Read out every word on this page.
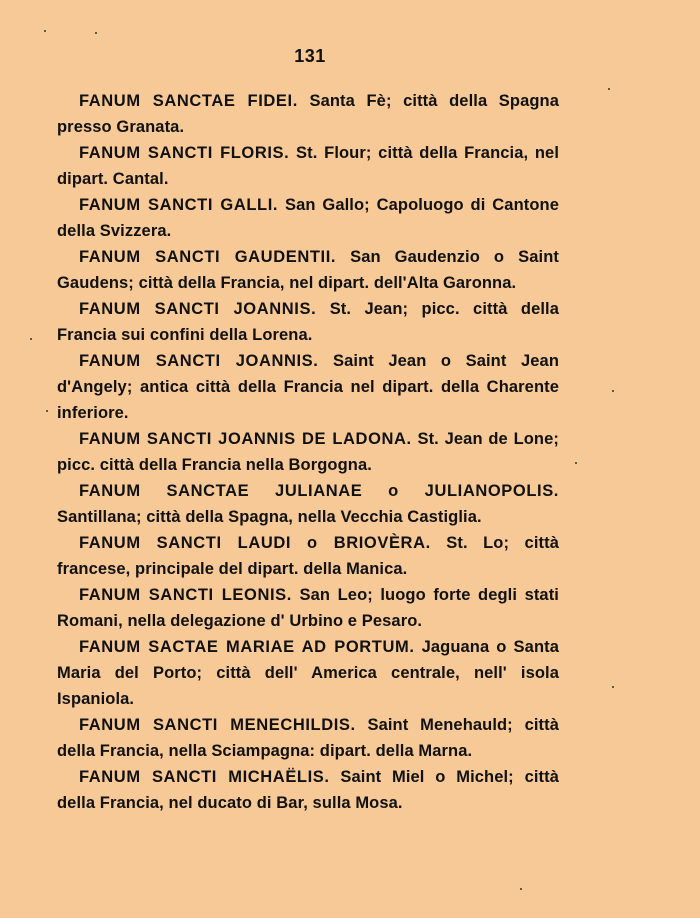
131

FANUM SANCTAE FIDEI. Santa Fè; città della Spagna presso Granata.

FANUM SANCTI FLORIS. St. Flour; città della Francia, nel dipart. Cantal.

FANUM SANCTI GALLI. San Gallo; Capoluogo di Cantone della Svizzera.

FANUM SANCTI GAUDENTII. San Gaudenzio o Saint Gaudens; città della Francia, nel dipart. dell'Alta Garonna.

FANUM SANCTI JOANNIS. St. Jean; picc. città della Francia sui confini della Lorena.

FANUM SANCTI JOANNIS. Saint Jean o Saint Jean d'Angely; antica città della Francia nel dipart. della Charente inferiore.

FANUM SANCTI JOANNIS DE LADONA. St. Jean de Lone; picc. città della Francia nella Borgogna.

FANUM SANCTAE JULIANAE o JULIANOPOLIS. Santillana; città della Spagna, nella Vecchia Castiglia.

FANUM SANCTI LAUDI o BRIOVÈRA. St. Lo; città francese, principale del dipart. della Manica.

FANUM SANCTI LEONIS. San Leo; luogo forte degli stati Romani, nella delegazione d' Urbino e Pesaro.

FANUM SACTAE MARIAE AD PORTUM. Jaguana o Santa Maria del Porto; città dell' America centrale, nell' isola Ispaniola.

FANUM SANCTI MENECHILDIS. Saint Menehauld; città della Francia, nella Sciampagna: dipart. della Marna.

FANUM SANCTI MICHAËLIS. Saint Miel o Michel; città della Francia, nel ducato di Bar, sulla Mosa.
